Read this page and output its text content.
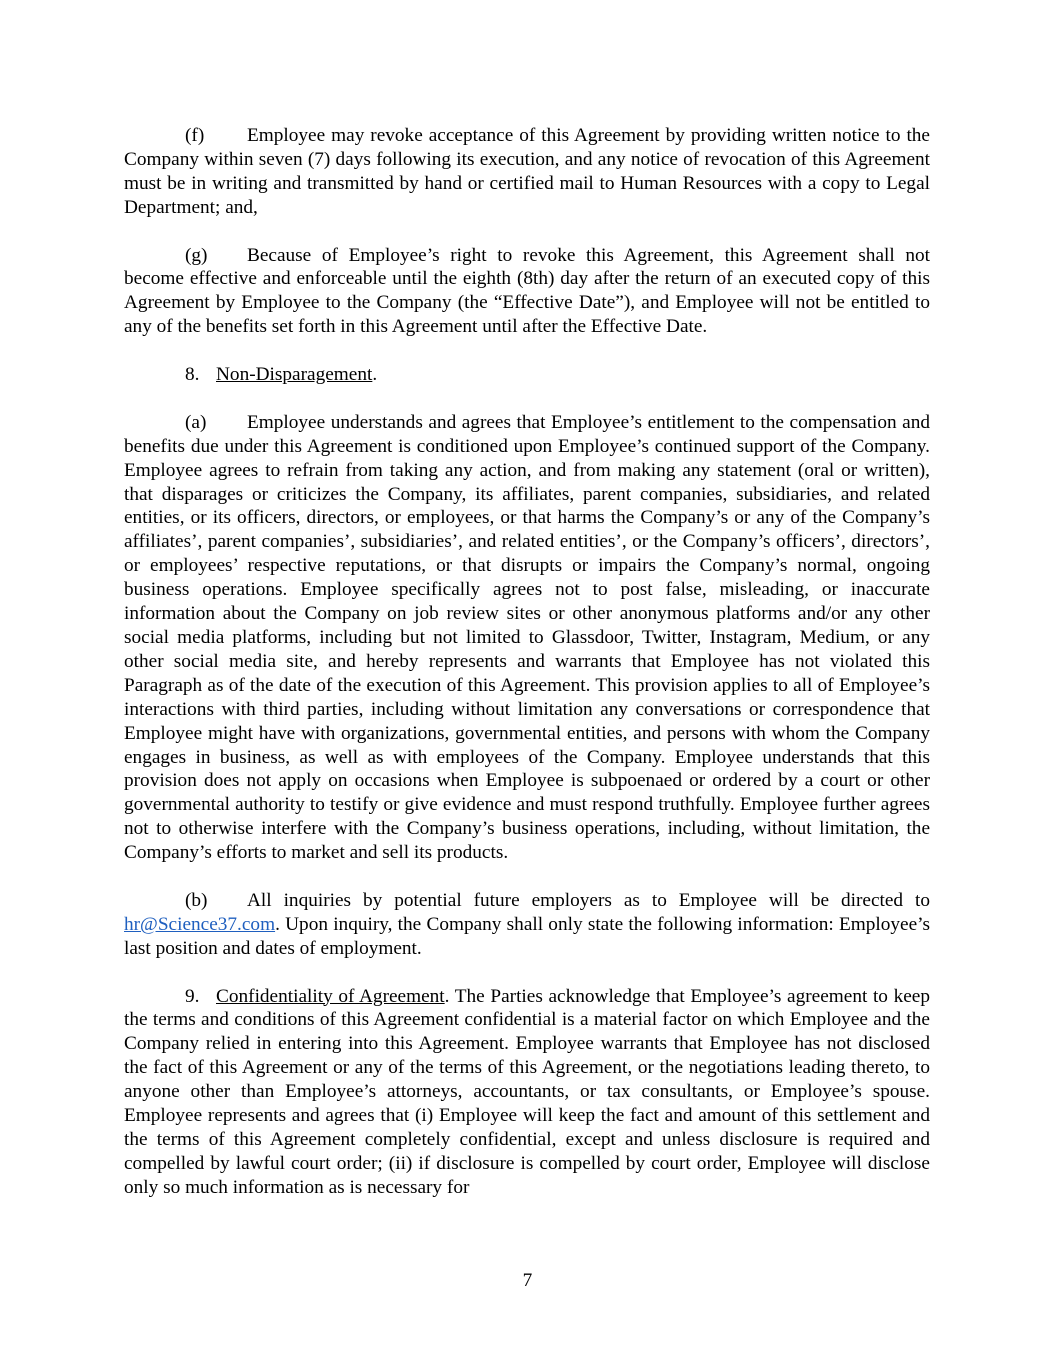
(f) Employee may revoke acceptance of this Agreement by providing written notice to the Company within seven (7) days following its execution, and any notice of revocation of this Agreement must be in writing and transmitted by hand or certified mail to Human Resources with a copy to Legal Department; and,

(g) Because of Employee’s right to revoke this Agreement, this Agreement shall not become effective and enforceable until the eighth (8th) day after the return of an executed copy of this Agreement by Employee to the Company (the “Effective Date”), and Employee will not be entitled to any of the benefits set forth in this Agreement until after the Effective Date.

8. Non-Disparagement.

(a) Employee understands and agrees that Employee’s entitlement to the compensation and benefits due under this Agreement is conditioned upon Employee’s continued support of the Company. Employee agrees to refrain from taking any action, and from making any statement (oral or written), that disparages or criticizes the Company, its affiliates, parent companies, subsidiaries, and related entities, or its officers, directors, or employees, or that harms the Company’s or any of the Company’s affiliates’, parent companies’, subsidiaries’, and related entities’, or the Company’s officers’, directors’, or employees’ respective reputations, or that disrupts or impairs the Company’s normal, ongoing business operations. Employee specifically agrees not to post false, misleading, or inaccurate information about the Company on job review sites or other anonymous platforms and/or any other social media platforms, including but not limited to Glassdoor, Twitter, Instagram, Medium, or any other social media site, and hereby represents and warrants that Employee has not violated this Paragraph as of the date of the execution of this Agreement. This provision applies to all of Employee’s interactions with third parties, including without limitation any conversations or correspondence that Employee might have with organizations, governmental entities, and persons with whom the Company engages in business, as well as with employees of the Company. Employee understands that this provision does not apply on occasions when Employee is subpoenaed or ordered by a court or other governmental authority to testify or give evidence and must respond truthfully. Employee further agrees not to otherwise interfere with the Company’s business operations, including, without limitation, the Company’s efforts to market and sell its products.

(b) All inquiries by potential future employers as to Employee will be directed to hr@Science37.com. Upon inquiry, the Company shall only state the following information: Employee’s last position and dates of employment.

9. Confidentiality of Agreement. The Parties acknowledge that Employee’s agreement to keep the terms and conditions of this Agreement confidential is a material factor on which Employee and the Company relied in entering into this Agreement. Employee warrants that Employee has not disclosed the fact of this Agreement or any of the terms of this Agreement, or the negotiations leading thereto, to anyone other than Employee’s attorneys, accountants, or tax consultants, or Employee’s spouse. Employee represents and agrees that (i) Employee will keep the fact and amount of this settlement and the terms of this Agreement completely confidential, except and unless disclosure is required and compelled by lawful court order; (ii) if disclosure is compelled by court order, Employee will disclose only so much information as is necessary for

7
